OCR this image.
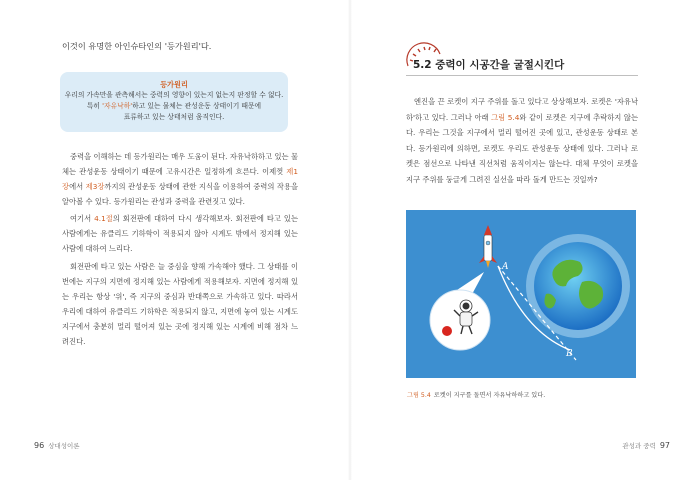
이것이 유명한 아인슈타인의 '등가원리'다.
등가원리
우리의 가속만을 관측해서는 중력의 영향이 있는지 없는지 판정할 수 없다.
특히 '자유낙하'하고 있는 물체는 관성운동 상태이기 때문에
표류하고 있는 상태처럼 움직인다.

중력을 이해하는 데 등가원리는 매우 도움이 된다. 자유낙하하고 있는 물체는 관성운동 상태이기 때문에 고유시간은 일정하게 흐른다. 이제껏 제1장에서 제3장까지의 관성운동 상태에 관한 지식을 이용하여 중력의 작용을 알아볼 수 있다. 등가원리는 관성과 중력을 관련짓고 있다.

여기서 4.1절의 회전판에 대하여 다시 생각해보자. 회전판에 타고 있는 사람에게는 유클리드 기하학이 적용되지 않아 시계도 밖에서 정지해 있는 사람에 대하여 느리다.

회전판에 타고 있는 사람은 늘 중심을 향해 가속해야 했다. 그 상태를 이번에는 지구의 지면에 정지해 있는 사람에게 적용해보자. 지면에 정지해 있는 우리는 항상 '위', 즉 지구의 중심과 반대쪽으로 가속하고 있다. 따라서 우리에 대하여 유클리드 기하학은 적용되지 않고, 지면에 놓여 있는 시계도 지구에서 충분히 멀리 떨어져 있는 곳에 정지해 있는 시계에 비해 점차 느려진다.

96 상대성이론
5.2 중력이 시공간을 굴절시킨다

엔진을 끈 로켓이 지구 주위를 돌고 있다고 상상해보자. 로켓은 '자유낙하'하고 있다. 그러나 아래 그림 5.4와 같이 로켓은 지구에 추락하지 않는다. 우리는 그것을 지구에서 멀리 떨어진 곳에 있고, 관성운동 상태로 본다. 등가원리에 의하면, 로켓도 우리도 관성운동 상태에 있다. 그러나 로켓은 점선으로 나타낸 직선처럼 움직이지는 않는다. 대체 무엇이 로켓을 지구 주위를 둥글게 그려진 실선을 따라 돌게 만드는 것일까?

A
B
그림 5.4 로켓이 지구를 돌면서 자유낙하하고 있다.
관성과 중력 97
